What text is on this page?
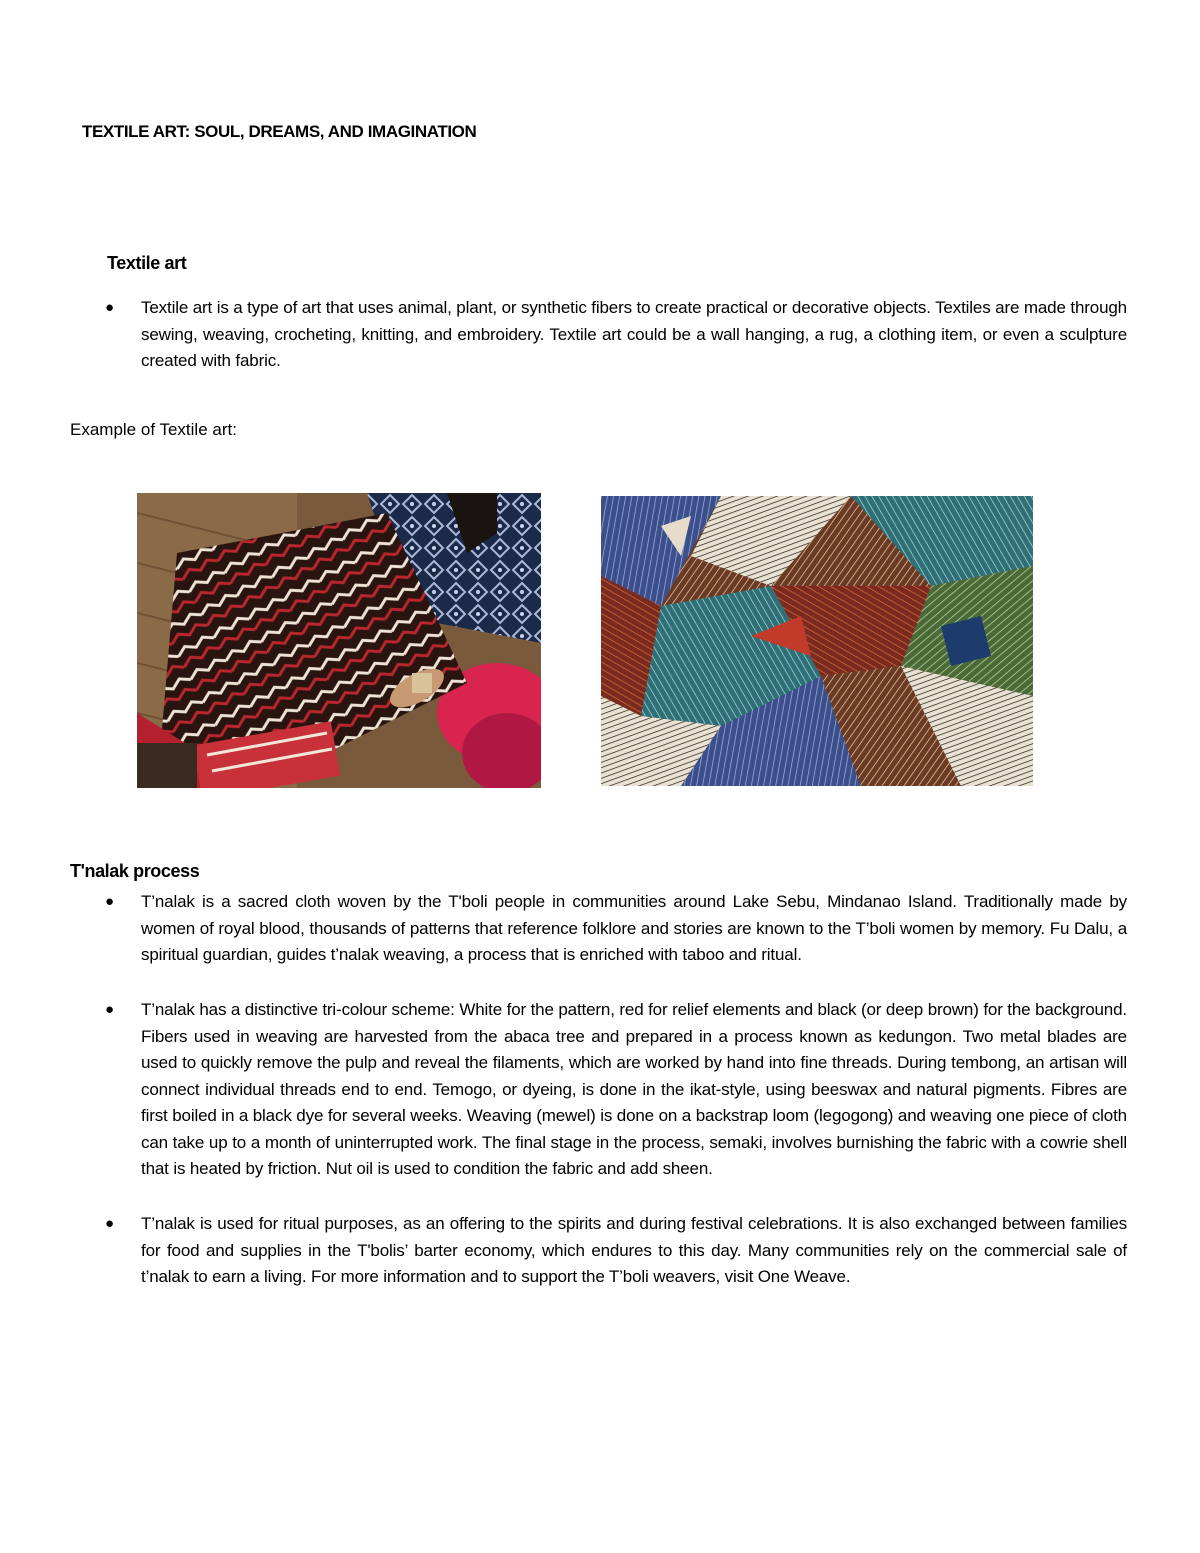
TEXTILE ART: SOUL, DREAMS, AND IMAGINATION
Textile art
● Textile art is a type of art that uses animal, plant, or synthetic fibers to create practical or decorative objects. Textiles are made through sewing, weaving, crocheting, knitting, and embroidery. Textile art could be a wall hanging, a rug, a clothing item, or even a sculpture created with fabric.

Example of Textile art:
T'nalak process
● T’nalak is a sacred cloth woven by the T'boli people in communities around Lake Sebu, Mindanao Island. Traditionally made by women of royal blood, thousands of patterns that reference folklore and stories are known to the T’boli women by memory. Fu Dalu, a spiritual guardian, guides t’nalak weaving, a process that is enriched with taboo and ritual.

● T’nalak has a distinctive tri-colour scheme: White for the pattern, red for relief elements and black (or deep brown) for the background. Fibers used in weaving are harvested from the abaca tree and prepared in a process known as kedungon. Two metal blades are used to quickly remove the pulp and reveal the filaments, which are worked by hand into fine threads. During tembong, an artisan will connect individual threads end to end. Temogo, or dyeing, is done in the ikat-style, using beeswax and natural pigments. Fibres are first boiled in a black dye for several weeks. Weaving (mewel) is done on a backstrap loom (legogong) and weaving one piece of cloth can take up to a month of uninterrupted work. The final stage in the process, semaki, involves burnishing the fabric with a cowrie shell that is heated by friction. Nut oil is used to condition the fabric and add sheen.

● T’nalak is used for ritual purposes, as an offering to the spirits and during festival celebrations. It is also exchanged between families for food and supplies in the T'bolis’ barter economy, which endures to this day. Many communities rely on the commercial sale of t’nalak to earn a living. For more information and to support the T’boli weavers, visit One Weave.
